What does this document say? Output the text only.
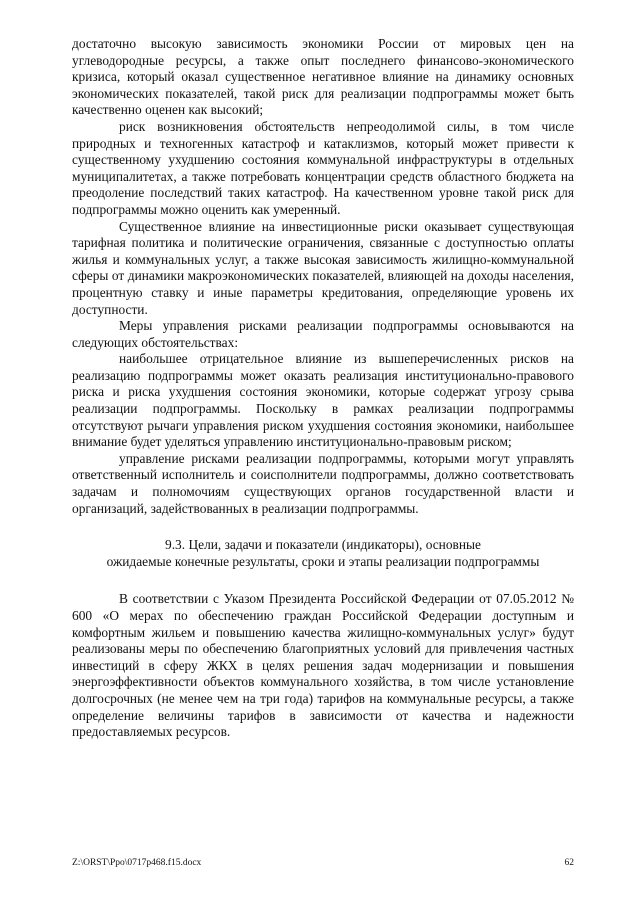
достаточно высокую зависимость экономики России от мировых цен на углеводородные ресурсы, а также опыт последнего финансово-экономического кризиса, который оказал существенное негативное влияние на динамику основных экономических показателей, такой риск для реализации подпрограммы может быть качественно оценен как высокий;

риск возникновения обстоятельств непреодолимой силы, в том числе природных и техногенных катастроф и катаклизмов, который может привести к существенному ухудшению состояния коммунальной инфраструктуры в отдельных муниципалитетах, а также потребовать концентрации средств областного бюджета на преодоление последствий таких катастроф. На качественном уровне такой риск для подпрограммы можно оценить как умеренный.

Существенное влияние на инвестиционные риски оказывает существующая тарифная политика и политические ограничения, связанные с доступностью оплаты жилья и коммунальных услуг, а также высокая зависимость жилищно-коммунальной сферы от динамики макроэкономических показателей, влияющей на доходы населения, процентную ставку и иные параметры кредитования, определяющие уровень их доступности.

Меры управления рисками реализации подпрограммы основываются на следующих обстоятельствах:

наибольшее отрицательное влияние из вышеперечисленных рисков на реализацию подпрограммы может оказать реализация институционально-правового риска и риска ухудшения состояния экономики, которые содержат угрозу срыва реализации подпрограммы. Поскольку в рамках реализации подпрограммы отсутствуют рычаги управления риском ухудшения состояния экономики, наибольшее внимание будет уделяться управлению институционально-правовым риском;

управление рисками реализации подпрограммы, которыми могут управлять ответственный исполнитель и соисполнители подпрограммы, должно соответствовать задачам и полномочиям существующих органов государственной власти и организаций, задействованных в реализации подпрограммы.

9.3. Цели, задачи и показатели (индикаторы), основные
ожидаемые конечные результаты, сроки и этапы реализации подпрограммы

В соответствии с Указом Президента Российской Федерации от 07.05.2012 № 600 «О мерах по обеспечению граждан Российской Федерации доступным и комфортным жильем и повышению качества жилищно-коммунальных услуг» будут реализованы меры по обеспечению благоприятных условий для привлечения частных инвестиций в сферу ЖКХ в целях решения задач модернизации и повышения энергоэффективности объектов коммунального хозяйства, в том числе установление долгосрочных (не менее чем на три года) тарифов на коммунальные ресурсы, а также определение величины тарифов в зависимости от качества и надежности предоставляемых ресурсов.

Z:\ORST\Ppo\0717p468.f15.docx	62
